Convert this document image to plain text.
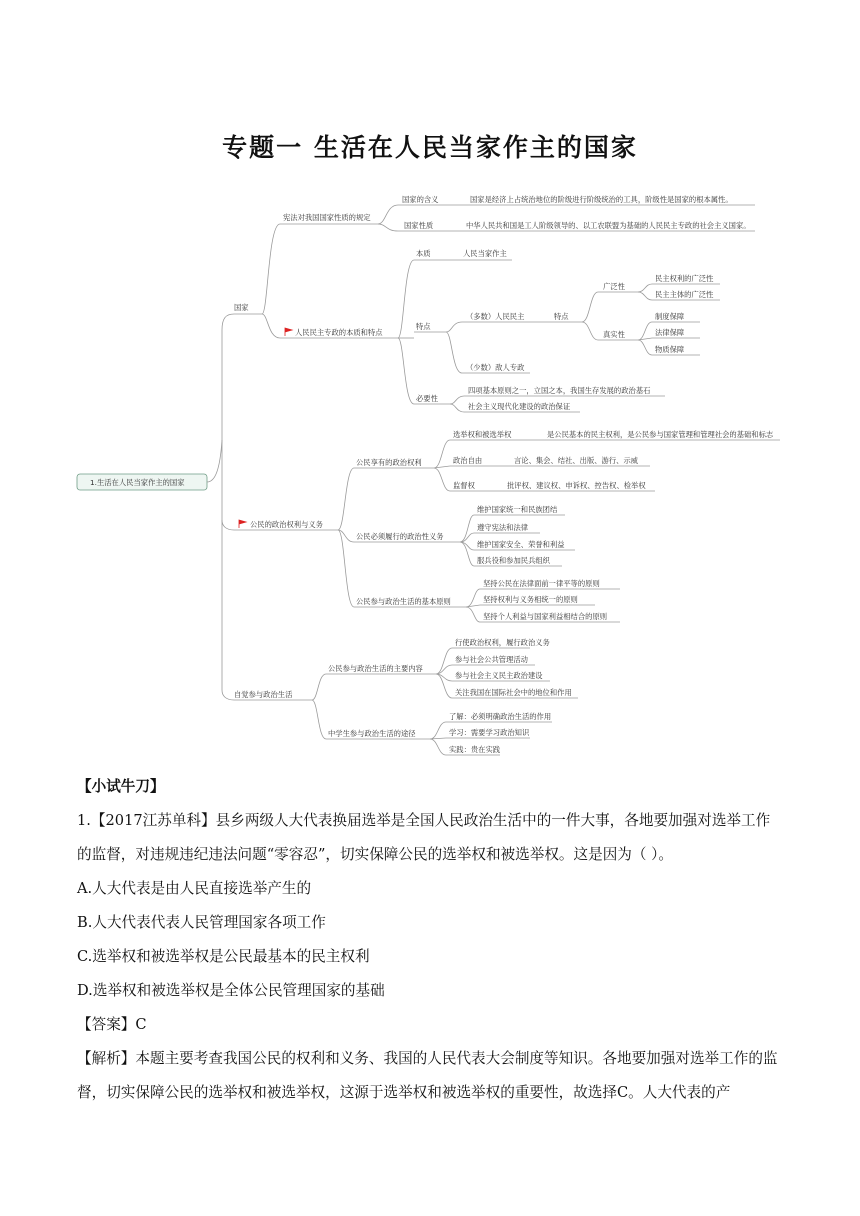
专题一 生活在人民当家作主的国家
1.生活在人民当家作主的国家
国家
宪法对我国国家性质的规定
国家的含义	国家是经济上占统治地位的阶级进行阶级统治的工具，阶级性是国家的根本属性。
国家性质	中华人民共和国是工人阶级领导的、以工农联盟为基础的人民民主专政的社会主义国家。
人民民主专政的本质和特点
本质	人民当家作主
特点
（多数）人民民主	特点
广泛性
民主权利的广泛性
民主主体的广泛性
真实性
制度保障
法律保障
物质保障
（少数）敌人专政
必要性
四项基本原则之一，立国之本，我国生存发展的政治基石
社会主义现代化建设的政治保证
公民的政治权利与义务
公民享有的政治权利
选举权和被选举权	是公民基本的民主权利，是公民参与国家管理和管理社会的基础和标志
政治自由	言论、集会、结社、出版、游行、示威
监督权	批评权、建议权、申诉权、控告权、检举权
公民必须履行的政治性义务
维护国家统一和民族团结
遵守宪法和法律
维护国家安全、荣誉和利益
服兵役和参加民兵组织
公民参与政治生活的基本原则
坚持公民在法律面前一律平等的原则
坚持权利与义务相统一的原则
坚持个人利益与国家利益相结合的原则
自觉参与政治生活
公民参与政治生活的主要内容
行使政治权利，履行政治义务
参与社会公共管理活动
参与社会主义民主政治建设
关注我国在国际社会中的地位和作用
中学生参与政治生活的途径
了解：必须明确政治生活的作用
学习：需要学习政治知识
实践：贵在实践

【小试牛刀】

1.【2017江苏单科】县乡两级人大代表换届选举是全国人民政治生活中的一件大事，各地要加强对选举工作的监督，对违规违纪违法问题“零容忍”，切实保障公民的选举权和被选举权。这是因为（ ）。

A.人大代表是由人民直接选举产生的

B.人大代表代表人民管理国家各项工作

C.选举权和被选举权是公民最基本的民主权利

D.选举权和被选举权是全体公民管理国家的基础

【答案】C

【解析】本题主要考查我国公民的权利和义务、我国的人民代表大会制度等知识。各地要加强对选举工作的监督，切实保障公民的选举权和被选举权，这源于选举权和被选举权的重要性，故选择C。人大代表的产
